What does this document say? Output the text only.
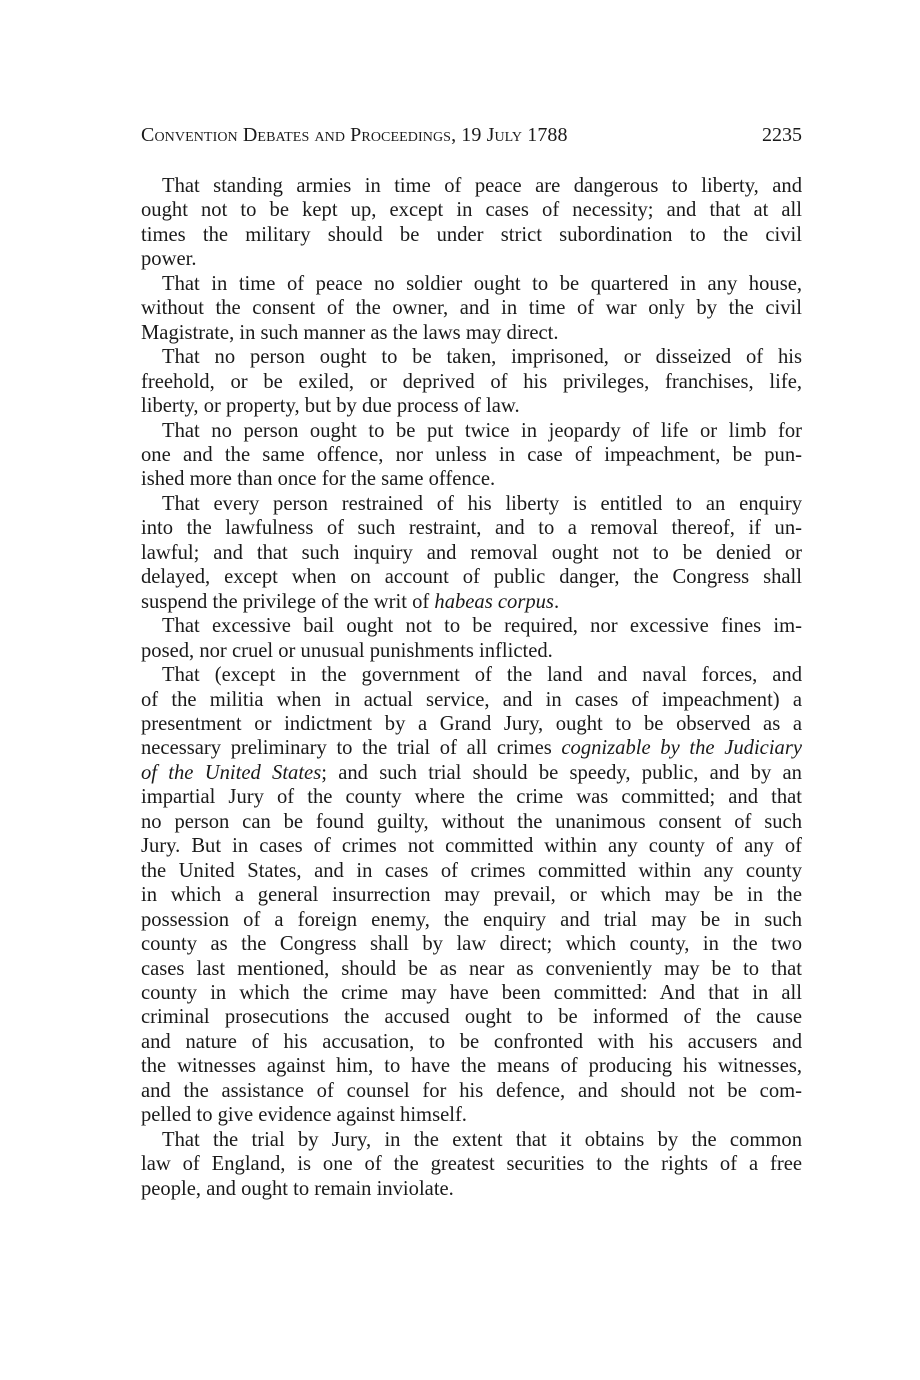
Convention Debates and Proceedings, 19 July 1788	2235

That standing armies in time of peace are dangerous to liberty, and
ought not to be kept up, except in cases of necessity; and that at all
times the military should be under strict subordination to the civil
power.

That in time of peace no soldier ought to be quartered in any house,
without the consent of the owner, and in time of war only by the civil
Magistrate, in such manner as the laws may direct.

That no person ought to be taken, imprisoned, or disseized of his
freehold, or be exiled, or deprived of his privileges, franchises, life,
liberty, or property, but by due process of law.

That no person ought to be put twice in jeopardy of life or limb for
one and the same offence, nor unless in case of impeachment, be pun-
ished more than once for the same offence.

That every person restrained of his liberty is entitled to an enquiry
into the lawfulness of such restraint, and to a removal thereof, if un-
lawful; and that such inquiry and removal ought not to be denied or
delayed, except when on account of public danger, the Congress shall
suspend the privilege of the writ of habeas corpus.

That excessive bail ought not to be required, nor excessive fines im-
posed, nor cruel or unusual punishments inflicted.

That (except in the government of the land and naval forces, and
of the militia when in actual service, and in cases of impeachment) a
presentment or indictment by a Grand Jury, ought to be observed as a
necessary preliminary to the trial of all crimes cognizable by the Judiciary
of the United States; and such trial should be speedy, public, and by an
impartial Jury of the county where the crime was committed; and that
no person can be found guilty, without the unanimous consent of such
Jury. But in cases of crimes not committed within any county of any of
the United States, and in cases of crimes committed within any county
in which a general insurrection may prevail, or which may be in the
possession of a foreign enemy, the enquiry and trial may be in such
county as the Congress shall by law direct; which county, in the two
cases last mentioned, should be as near as conveniently may be to that
county in which the crime may have been committed: And that in all
criminal prosecutions the accused ought to be informed of the cause
and nature of his accusation, to be confronted with his accusers and
the witnesses against him, to have the means of producing his witnesses,
and the assistance of counsel for his defence, and should not be com-
pelled to give evidence against himself.

That the trial by Jury, in the extent that it obtains by the common
law of England, is one of the greatest securities to the rights of a free
people, and ought to remain inviolate.
